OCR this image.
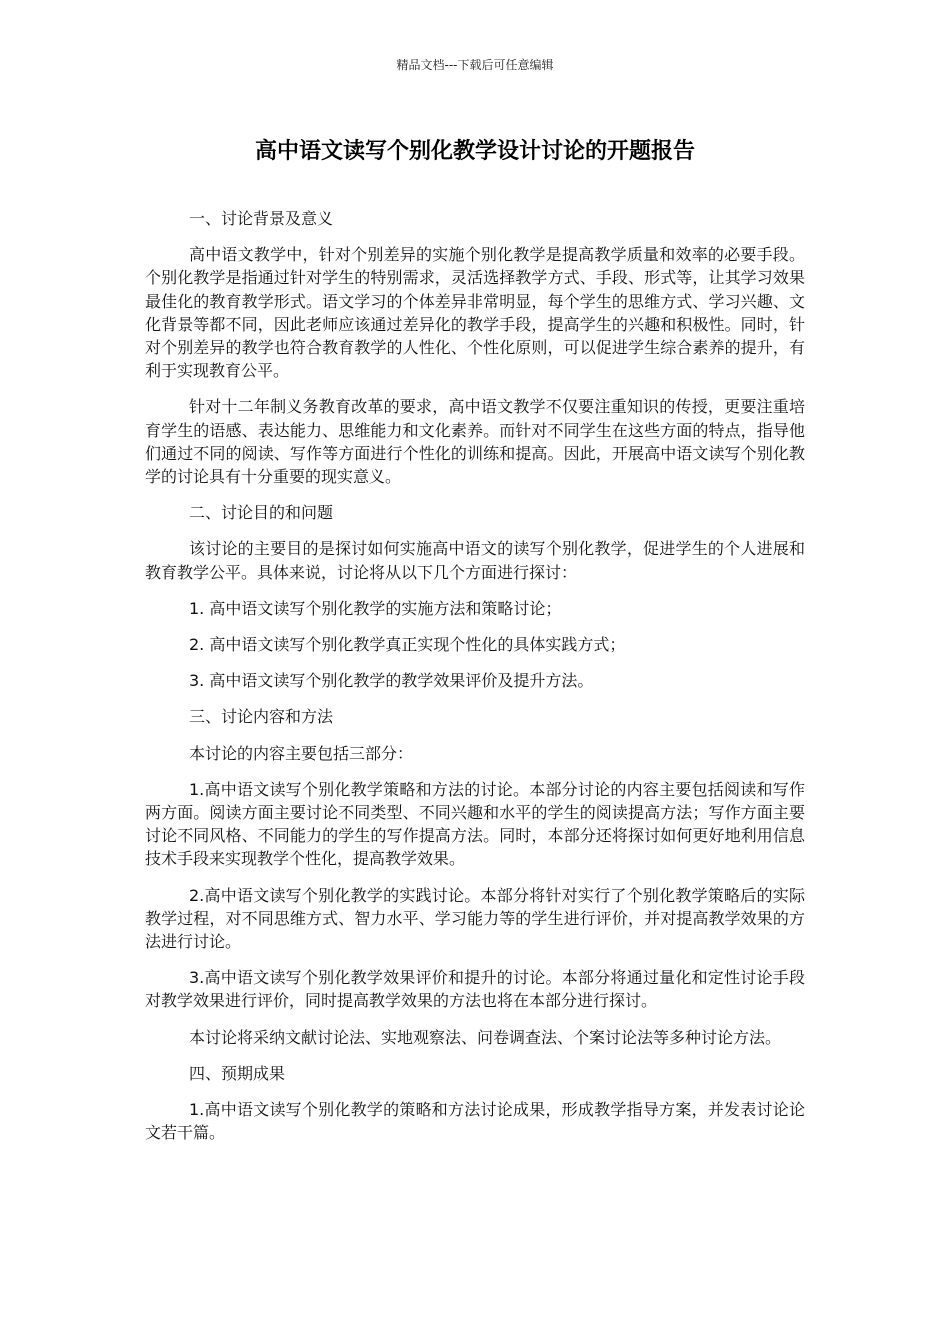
精品文档---下载后可任意编辑
高中语文读写个别化教学设计讨论的开题报告

一、讨论背景及意义

高中语文教学中，针对个别差异的实施个别化教学是提高教学质量和效率的必要手段。个别化教学是指通过针对学生的特别需求，灵活选择教学方式、手段、形式等，让其学习效果最佳化的教育教学形式。语文学习的个体差异非常明显，每个学生的思维方式、学习兴趣、文化背景等都不同，因此老师应该通过差异化的教学手段，提高学生的兴趣和积极性。同时，针对个别差异的教学也符合教育教学的人性化、个性化原则，可以促进学生综合素养的提升，有利于实现教育公平。

针对十二年制义务教育改革的要求，高中语文教学不仅要注重知识的传授，更要注重培育学生的语感、表达能力、思维能力和文化素养。而针对不同学生在这些方面的特点，指导他们通过不同的阅读、写作等方面进行个性化的训练和提高。因此，开展高中语文读写个别化教学的讨论具有十分重要的现实意义。

二、讨论目的和问题

该讨论的主要目的是探讨如何实施高中语文的读写个别化教学，促进学生的个人进展和教育教学公平。具体来说，讨论将从以下几个方面进行探讨：

1. 高中语文读写个别化教学的实施方法和策略讨论；

2. 高中语文读写个别化教学真正实现个性化的具体实践方式；

3. 高中语文读写个别化教学的教学效果评价及提升方法。

三、讨论内容和方法

本讨论的内容主要包括三部分：

1.高中语文读写个别化教学策略和方法的讨论。本部分讨论的内容主要包括阅读和写作两方面。阅读方面主要讨论不同类型、不同兴趣和水平的学生的阅读提高方法；写作方面主要讨论不同风格、不同能力的学生的写作提高方法。同时，本部分还将探讨如何更好地利用信息技术手段来实现教学个性化，提高教学效果。

2.高中语文读写个别化教学的实践讨论。本部分将针对实行了个别化教学策略后的实际教学过程，对不同思维方式、智力水平、学习能力等的学生进行评价，并对提高教学效果的方法进行讨论。

3.高中语文读写个别化教学效果评价和提升的讨论。本部分将通过量化和定性讨论手段对教学效果进行评价，同时提高教学效果的方法也将在本部分进行探讨。

本讨论将采纳文献讨论法、实地观察法、问卷调查法、个案讨论法等多种讨论方法。

四、预期成果

1.高中语文读写个别化教学的策略和方法讨论成果，形成教学指导方案，并发表讨论论文若干篇。
